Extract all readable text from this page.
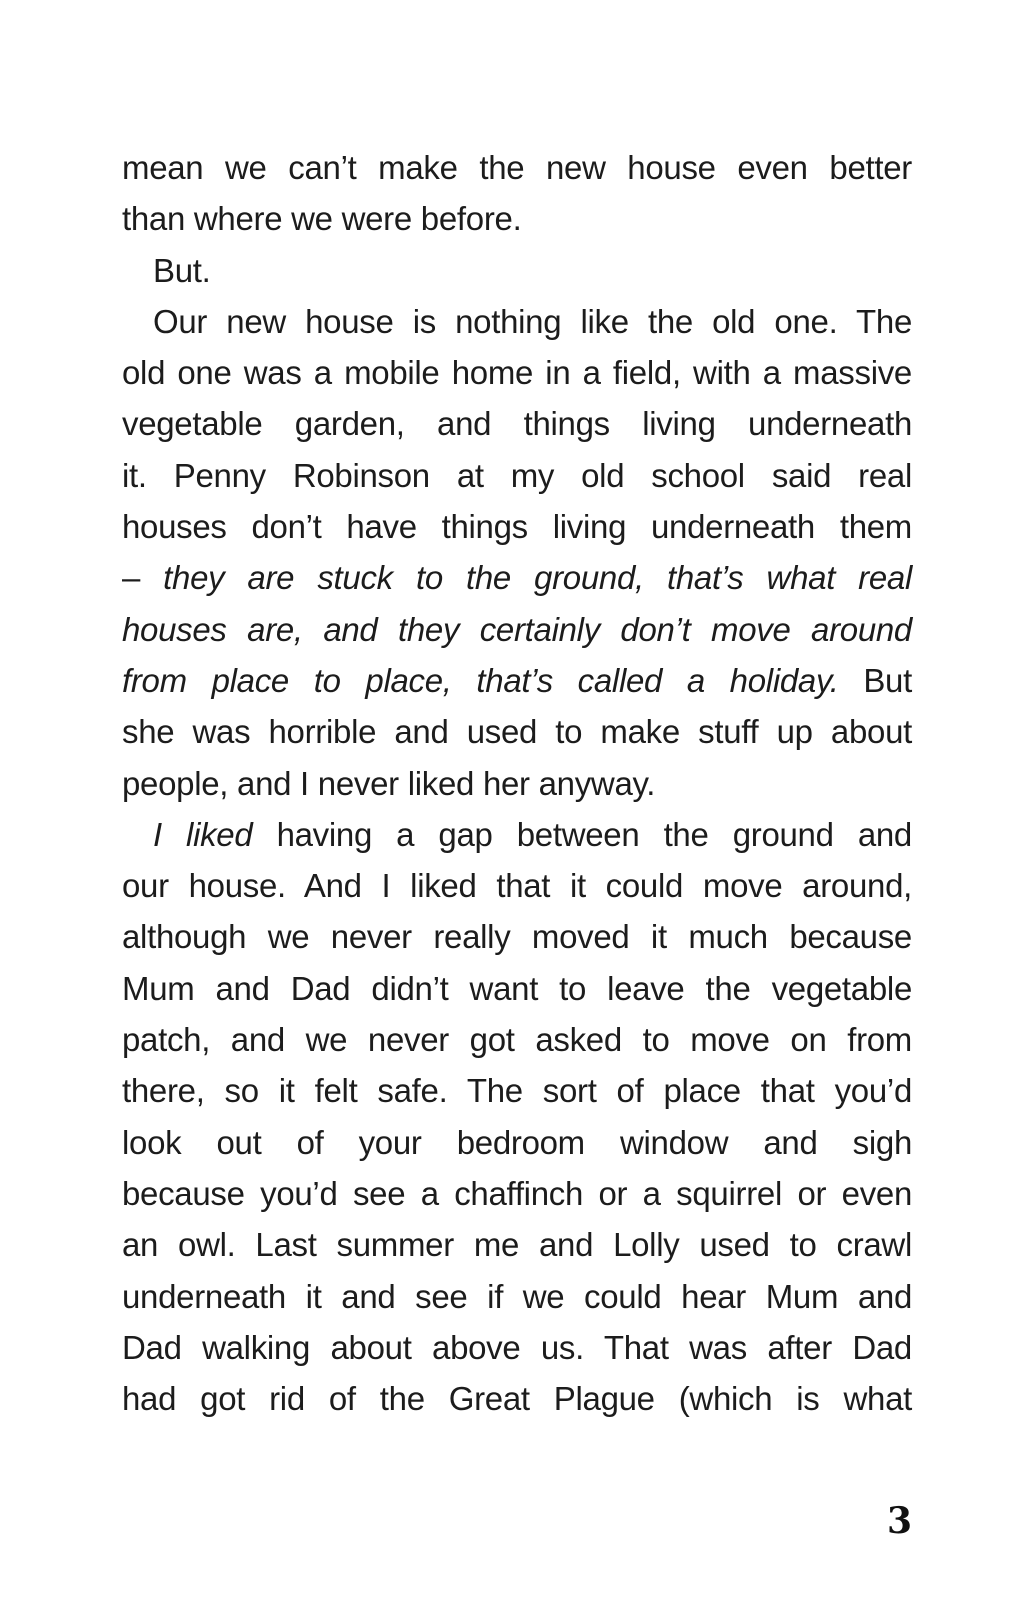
mean we can’t make the new house even better
than where we were before.
But.
Our new house is nothing like the old one. The
old one was a mobile home in a field, with a massive
vegetable garden, and things living underneath
it. Penny Robinson at my old school said real
houses don’t have things living underneath them
– they are stuck to the ground, that’s what real
houses are, and they certainly don’t move around
from place to place, that’s called a holiday. But
she was horrible and used to make stuff up about
people, and I never liked her anyway.
I liked having a gap between the ground and
our house. And I liked that it could move around,
although we never really moved it much because
Mum and Dad didn’t want to leave the vegetable
patch, and we never got asked to move on from
there, so it felt safe. The sort of place that you’d
look out of your bedroom window and sigh
because you’d see a chaffinch or a squirrel or even
an owl. Last summer me and Lolly used to crawl
underneath it and see if we could hear Mum and
Dad walking about above us. That was after Dad
had got rid of the Great Plague (which is what
3
